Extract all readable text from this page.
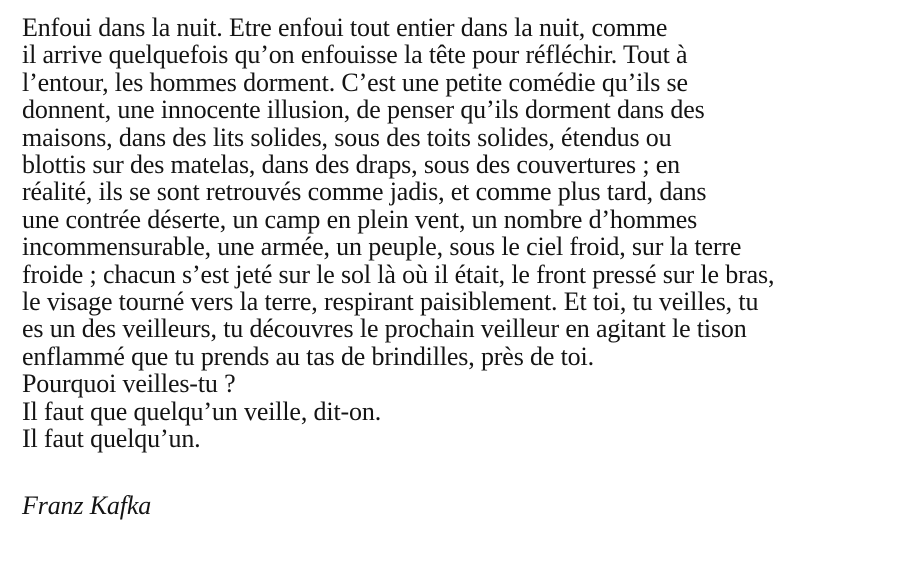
Enfoui dans la nuit. Etre enfoui tout entier dans la nuit, comme
il arrive quelquefois qu’on enfouisse la tête pour réfléchir. Tout à
l’entour, les hommes dorment. C’est une petite comédie qu’ils se
donnent, une innocente illusion, de penser qu’ils dorment dans des
maisons, dans des lits solides, sous des toits solides, étendus ou
blottis sur des matelas, dans des draps, sous des couvertures ; en
réalité, ils se sont retrouvés comme jadis, et comme plus tard, dans
une contrée déserte, un camp en plein vent, un nombre d’hommes
incommensurable, une armée, un peuple, sous le ciel froid, sur la terre
froide ; chacun s’est jeté sur le sol là où il était, le front pressé sur le bras,
le visage tourné vers la terre, respirant paisiblement. Et toi, tu veilles, tu
es un des veilleurs, tu découvres le prochain veilleur en agitant le tison
enflammé que tu prends au tas de brindilles, près de toi.
Pourquoi veilles-tu ?
Il faut que quelqu’un veille, dit-on.
Il faut quelqu’un.
Franz Kafka
